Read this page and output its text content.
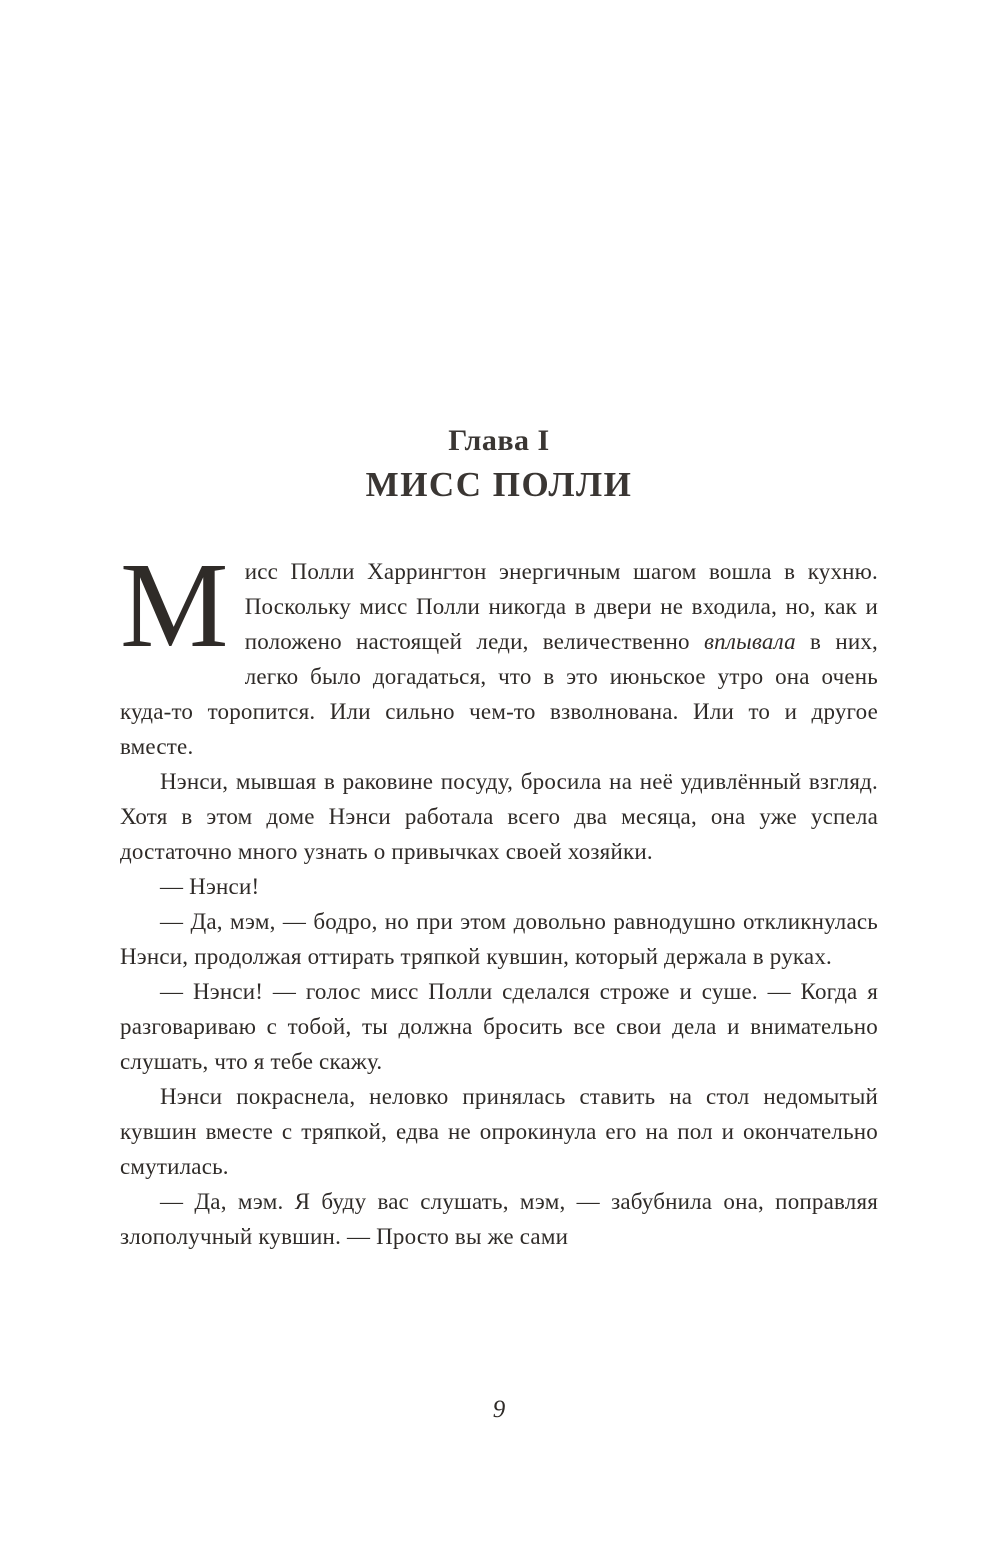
Глава I
МИСС ПОЛЛИ

Мисс Полли Харрингтон энергичным шагом вошла в кухню. Поскольку мисс Полли никогда в двери не входила, но, как и положено настоящей леди, величественно вплывала в них, легко было догадаться, что в это июньское утро она очень куда-то торопится. Или сильно чем-то взволнована. Или то и другое вместе.

Нэнси, мывшая в раковине посуду, бросила на неё удивлённый взгляд. Хотя в этом доме Нэнси работала всего два месяца, она уже успела достаточно много узнать о привычках своей хозяйки.

— Нэнси!

— Да, мэм, — бодро, но при этом довольно равнодушно откликнулась Нэнси, продолжая оттирать тряпкой кувшин, который держала в руках.

— Нэнси! — голос мисс Полли сделался строже и суше. — Когда я разговариваю с тобой, ты должна бросить все свои дела и внимательно слушать, что я тебе скажу.

Нэнси покраснела, неловко принялась ставить на стол недомытый кувшин вместе с тряпкой, едва не опрокинула его на пол и окончательно смутилась.

— Да, мэм. Я буду вас слушать, мэм, — забубнила она, поправляя злополучный кувшин. — Просто вы же сами

9
